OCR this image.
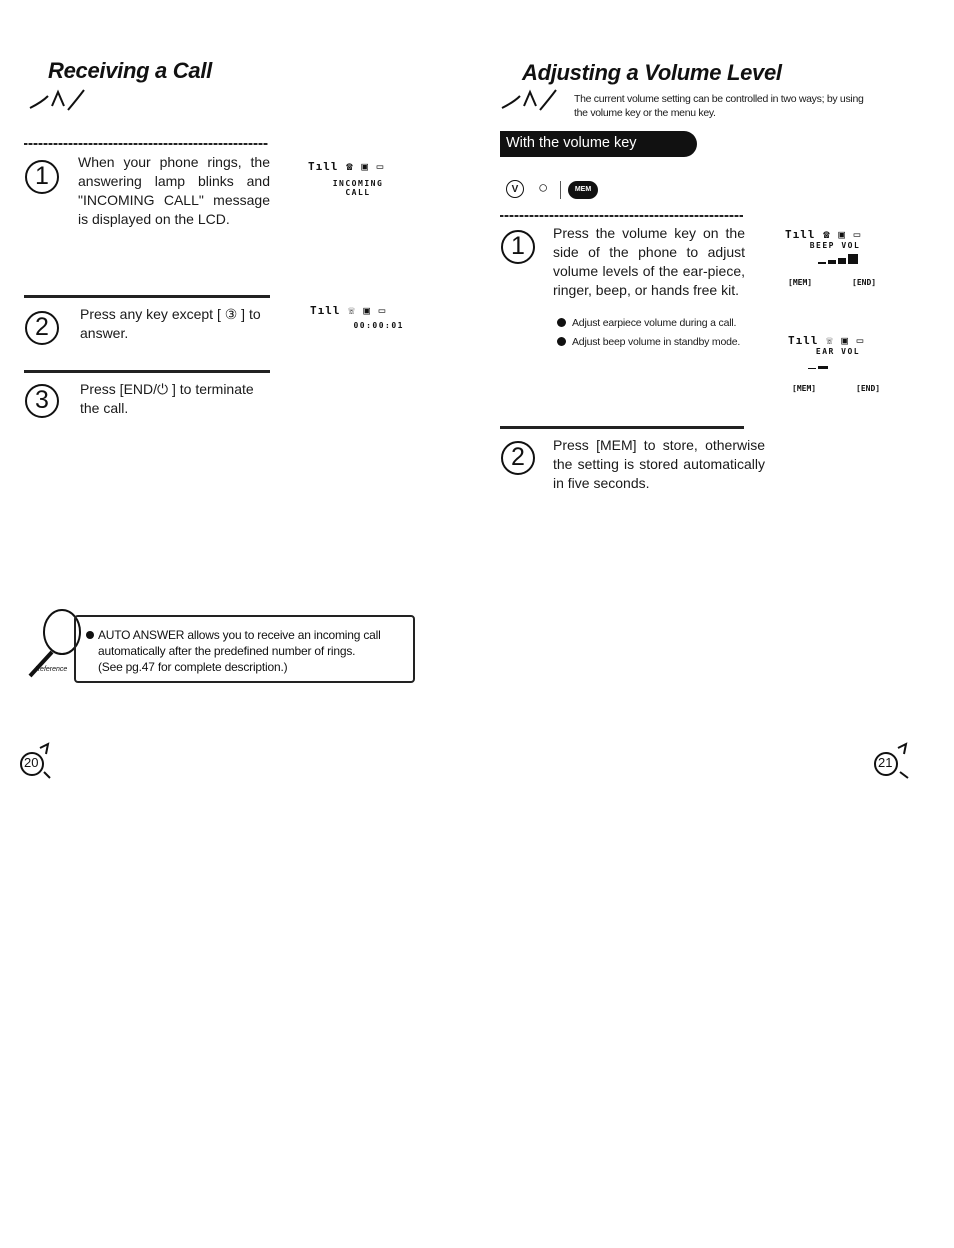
Receiving a Call
1	When your phone rings, the answering lamp blinks and "INCOMING CALL" message is displayed on the LCD.
Tıll ☎ ▣ ▭
INCOMING
CALL
2	Press any key except [ ③ ] to answer.
Tıll ☏ ▣ ▭
00:00:01
3	Press [END/⏻ ] to terminate the call.
Reference
AUTO ANSWER allows you to receive an incoming call
automatically after the predefined number of rings.
(See pg.47 for complete description.)
20
Adjusting a Volume Level
The current volume setting can be controlled in two ways; by using
the volume key or the menu key.
With the volume key
V	○	MEM
1	Press the volume key on the side of the phone to adjust volume levels of the ear-piece, ringer, beep, or hands free kit.
Adjust earpiece volume during a call.
Adjust beep volume in standby mode.
Tıll ☎ ▣ ▭
BEEP VOL
[MEM]	[END]
Tıll ☏ ▣ ▭
EAR VOL
[MEM]	[END]
2	Press [MEM] to store, otherwise the setting is stored automatically in five seconds.
21
